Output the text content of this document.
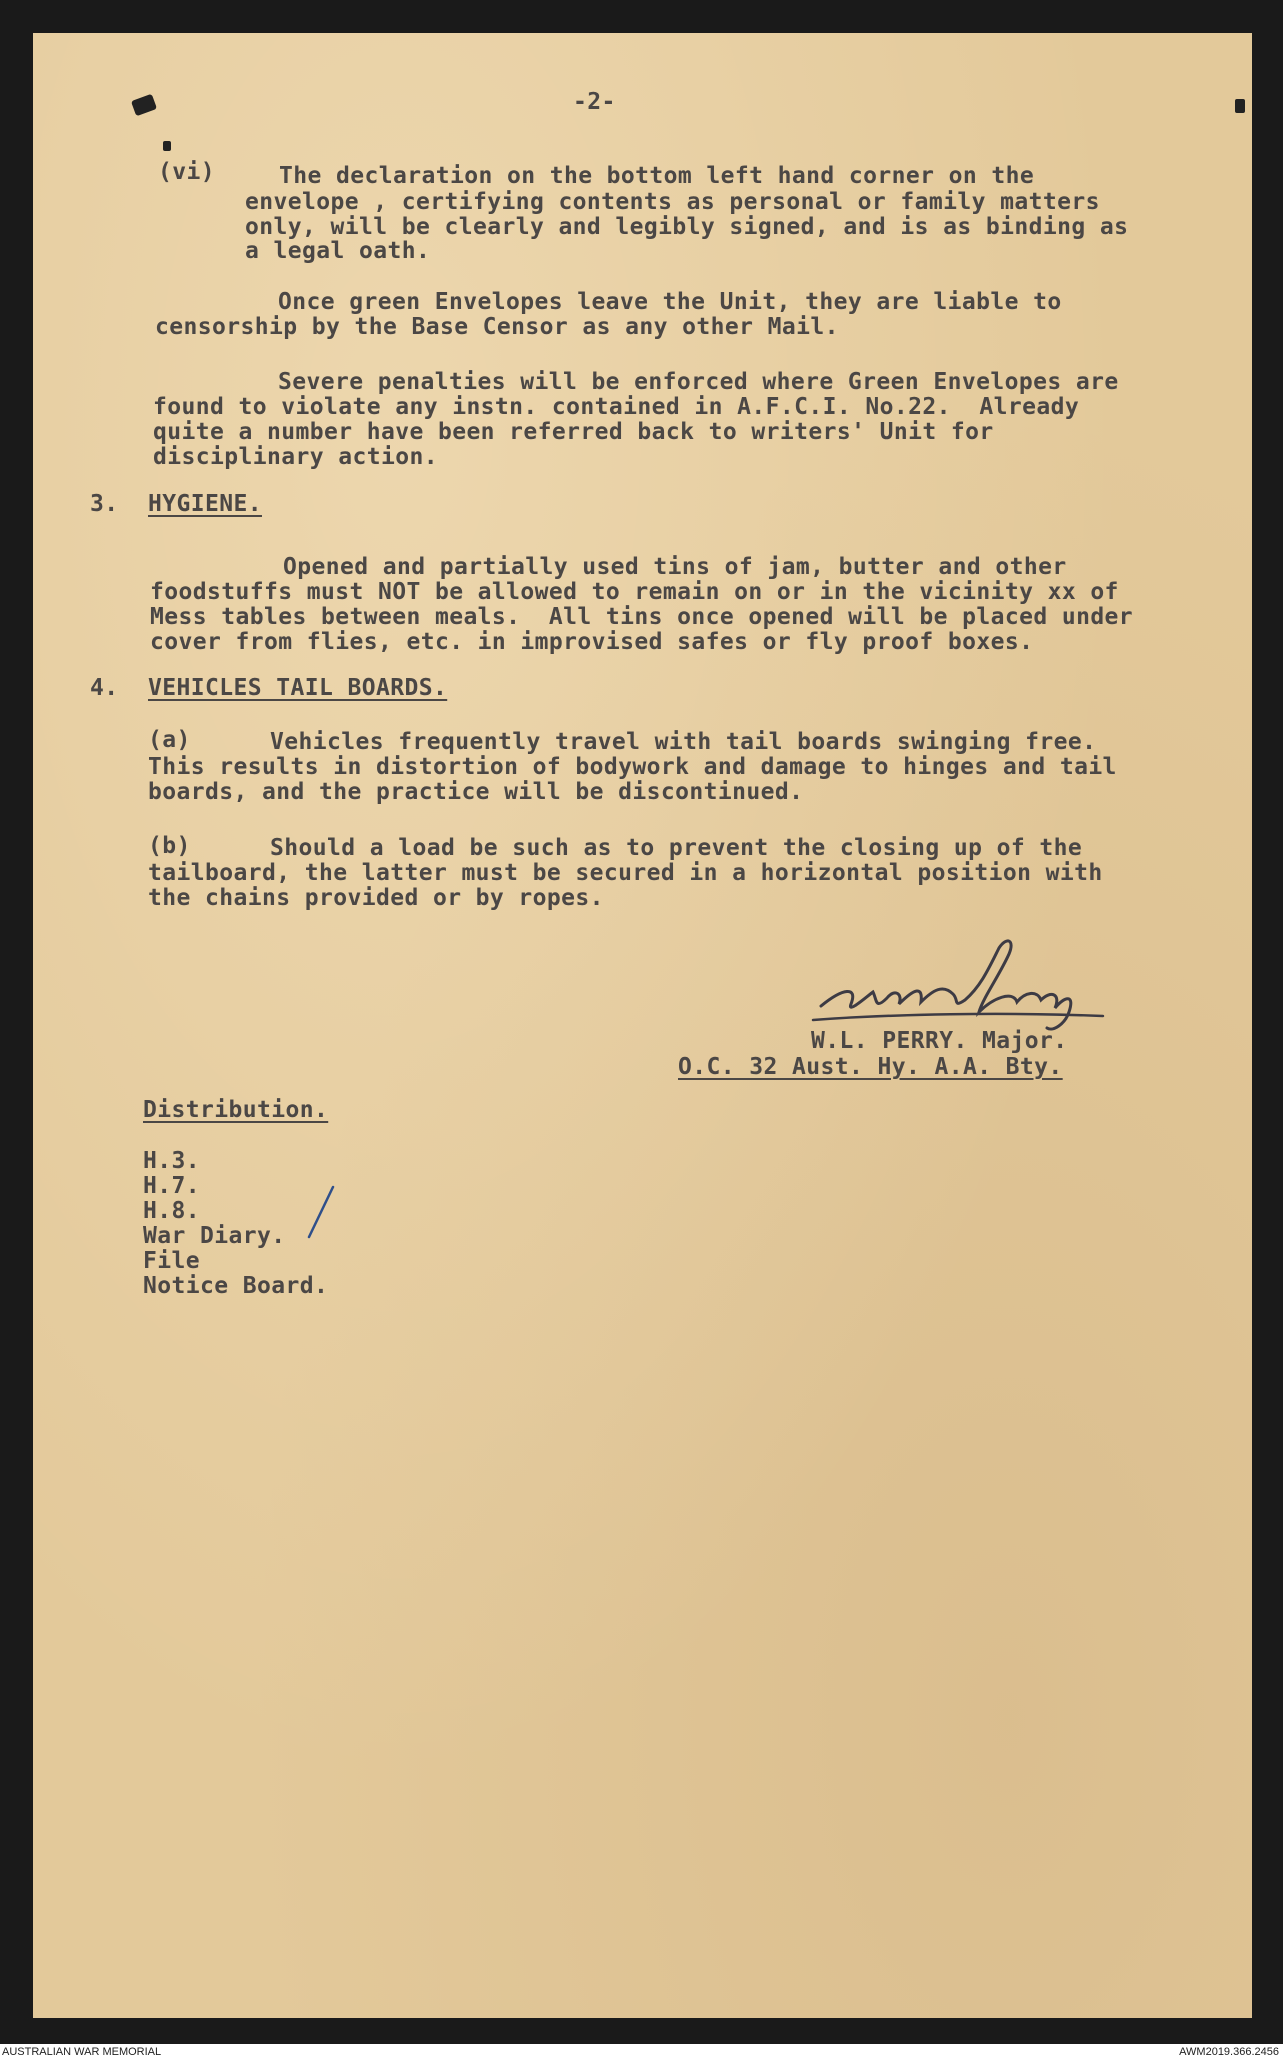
-2-
(vi)	The declaration on the bottom left hand corner on the
envelope , certifying contents as personal or family matters
only, will be clearly and legibly signed, and is as binding as
a legal oath.
Once green Envelopes leave the Unit, they are liable to
censorship by the Base Censor as any other Mail.
Severe penalties will be enforced where Green Envelopes are
found to violate any instn. contained in A.F.C.I. No.22.  Already
quite a number have been referred back to writers' Unit for
disciplinary action.
3. HYGIENE.
Opened and partially used tins of jam, butter and other
foodstuffs must NOT be allowed to remain on or in the vicinity xx of
Mess tables between meals.  All tins once opened will be placed under
cover from flies, etc. in improvised safes or fly proof boxes.
4. VEHICLES TAIL BOARDS.
(a)	Vehicles frequently travel with tail boards swinging free.
This results in distortion of bodywork and damage to hinges and tail
boards, and the practice will be discontinued.
(b)	Should a load be such as to prevent the closing up of the
tailboard, the latter must be secured in a horizontal position with
the chains provided or by ropes.
W.L. PERRY. Major.
O.C. 32 Aust. Hy. A.A. Bty.
Distribution.
H.3.
H.7.
H.8.
War Diary.
File
Notice Board.
AUSTRALIAN WAR MEMORIAL	AWM2019.366.2456
